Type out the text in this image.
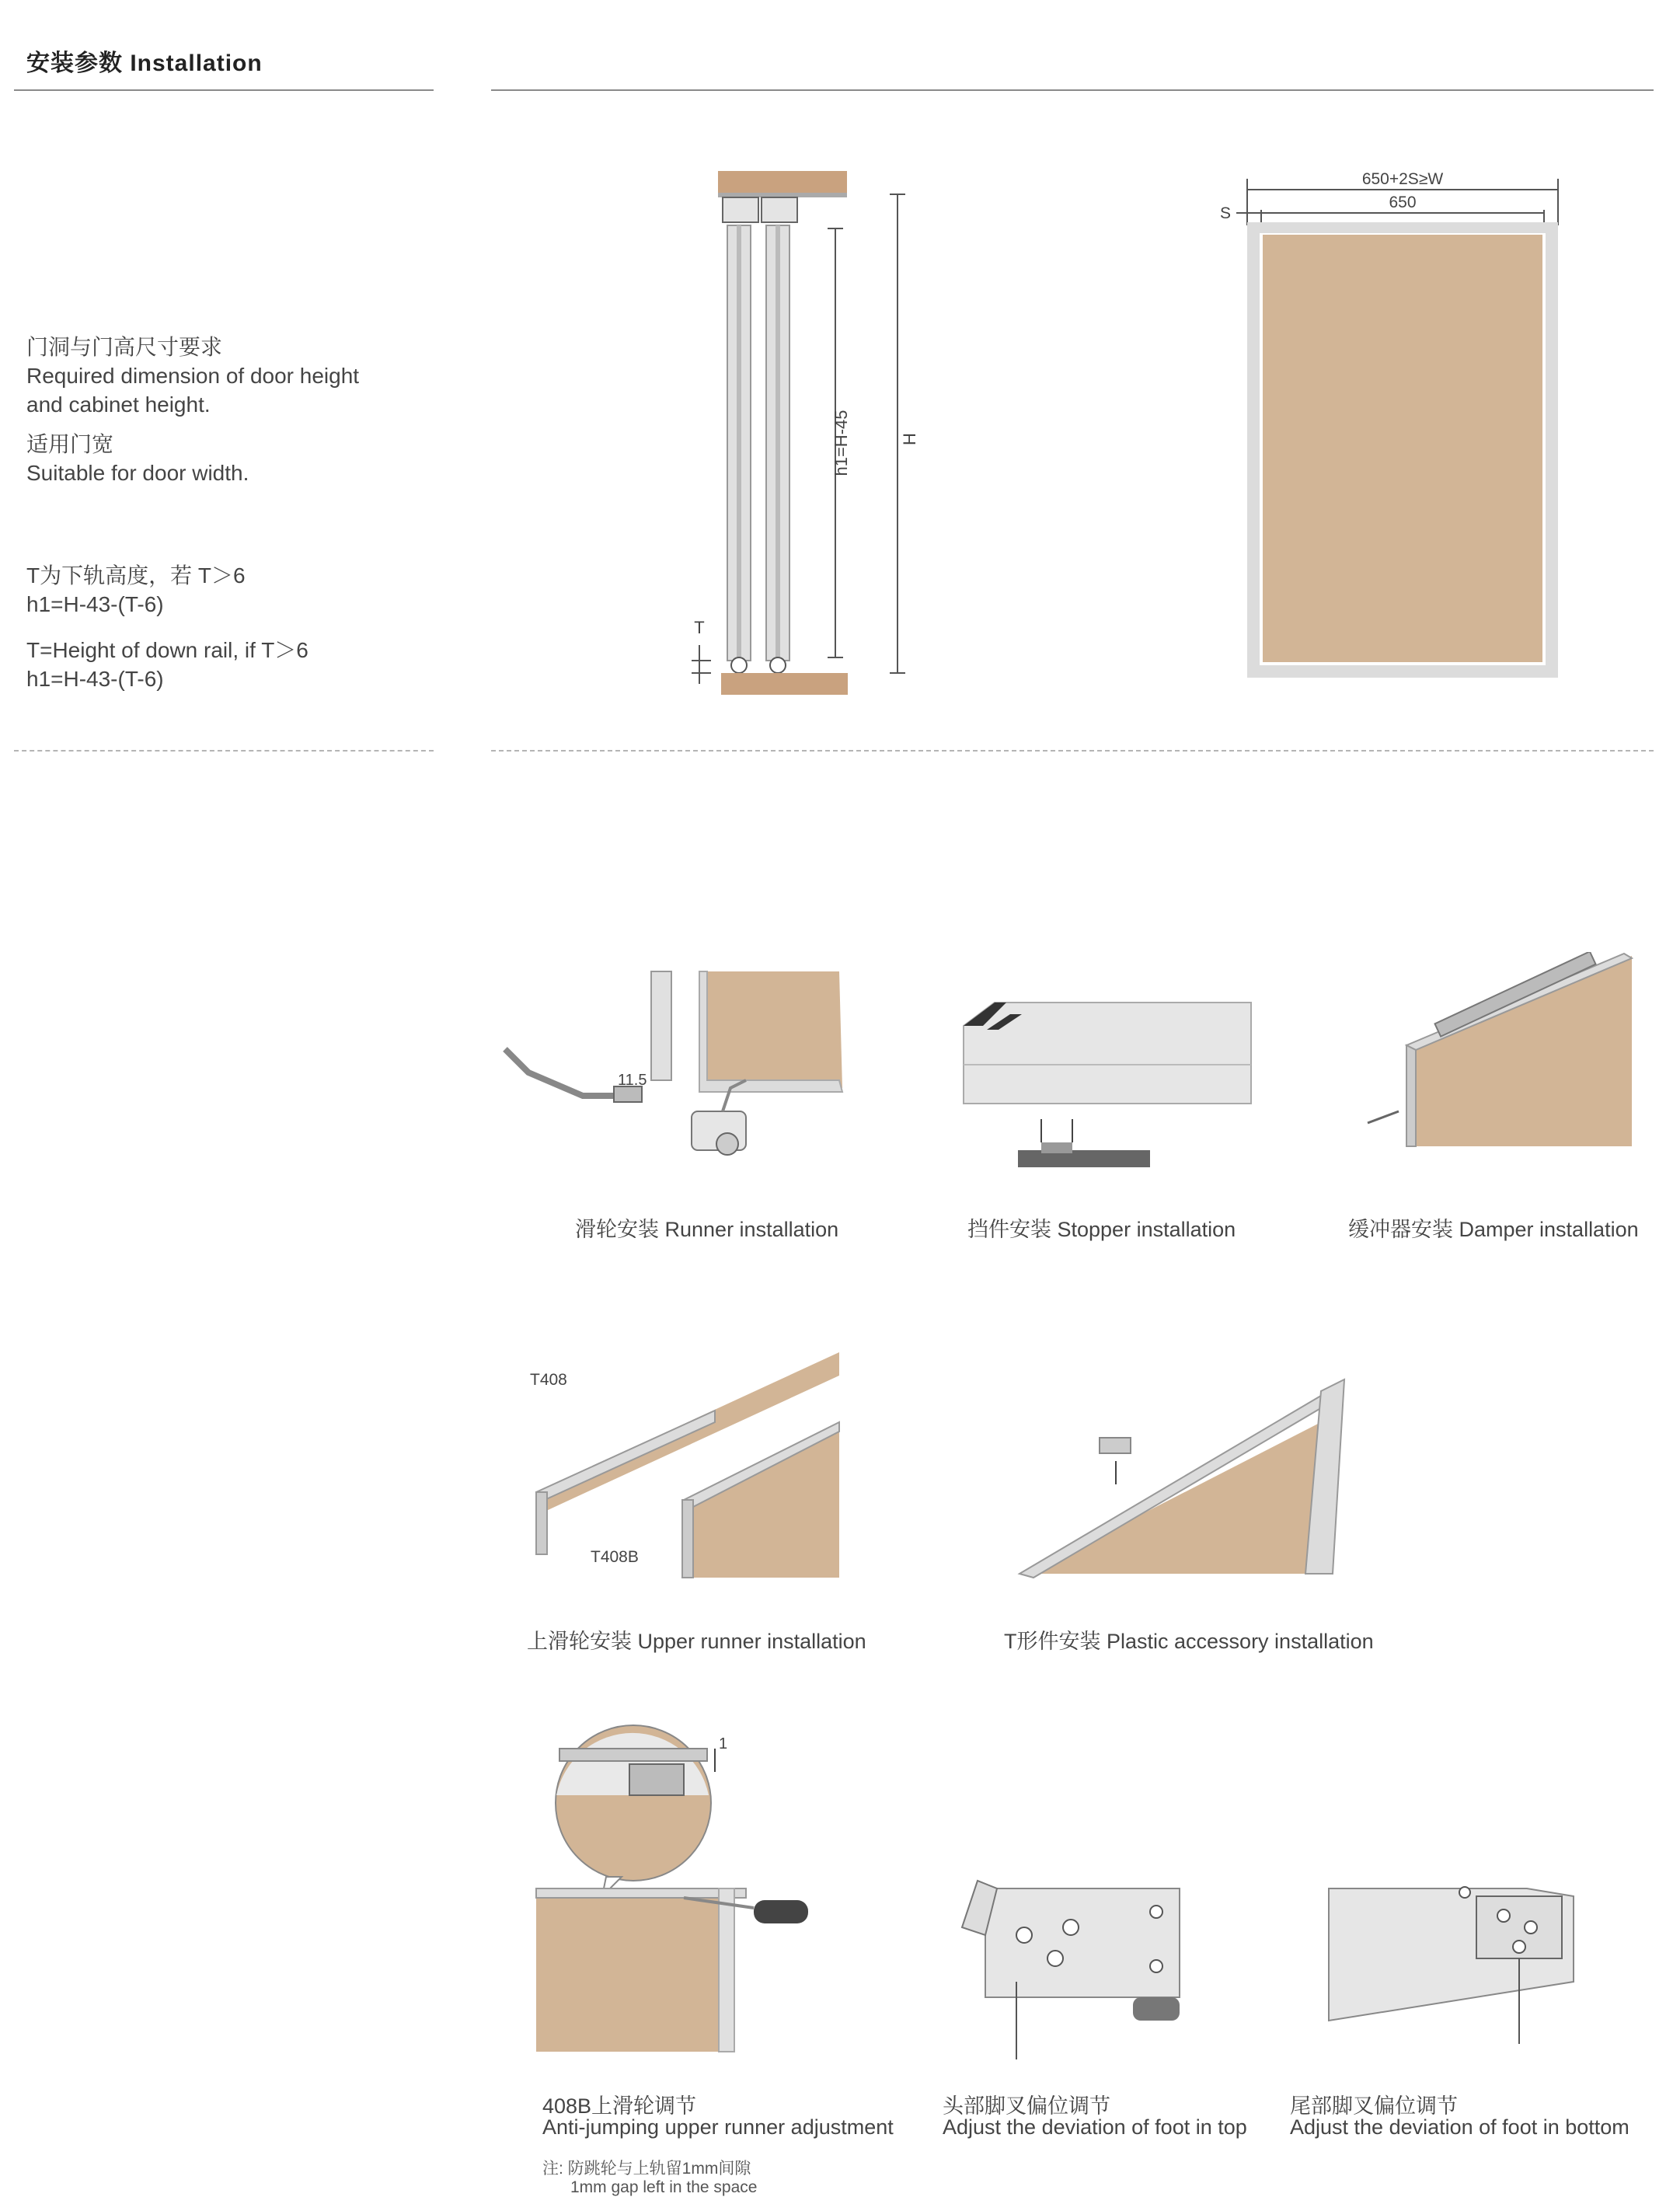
安装参数 Installation
门洞与门高尺寸要求
Required dimension of door height
and cabinet height.
适用门宽
Suitable for door width.
T为下轨高度，若 T＞6
h1=H-43-(T-6)
T=Height of down rail, if T＞6
h1=H-43-(T-6)
h1=H-45	H
T
650+2S≥W
650
S
11.5
滑轮安装 Runner installation	挡件安装 Stopper installation	缓冲器安装 Damper installation
T408
T408B
上滑轮安装 Upper runner installation	T形件安装 Plastic accessory installation
1
408B上滑轮调节
Anti-jumping upper runner adjustment
注: 防跳轮与上轨留1mm间隙
1mm gap left in the space
头部脚叉偏位调节
Adjust the deviation of foot in top
尾部脚叉偏位调节
Adjust the deviation of foot in bottom
